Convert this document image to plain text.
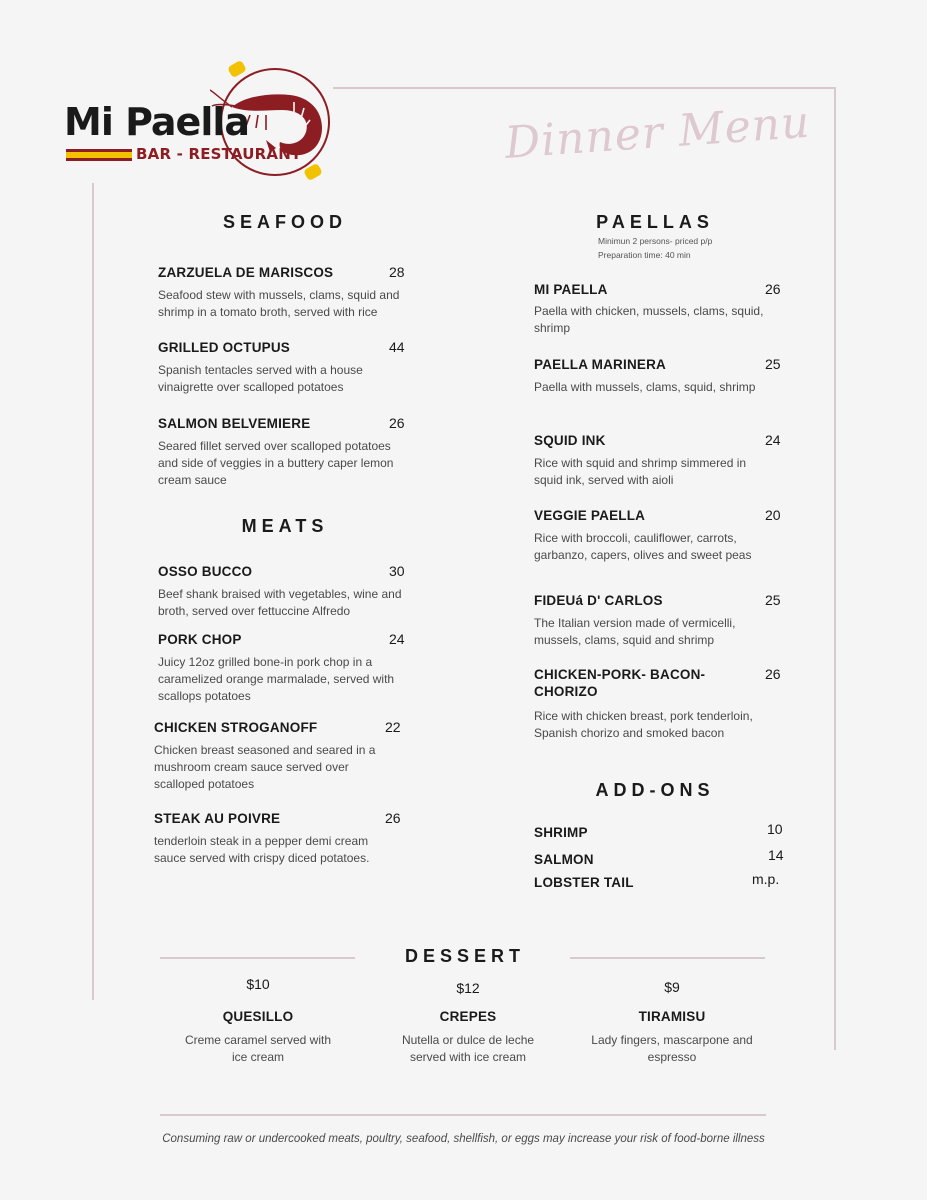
Mi Paella
BAR - RESTAURANT	Dinner Menu
SEAFOOD
ZARZUELA DE MARISCOS	28
Seafood stew with mussels, clams, squid and
shrimp in a tomato broth, served with rice
GRILLED OCTUPUS	44
Spanish tentacles served with a house
vinaigrette over scalloped potatoes
SALMON BELVEMIERE	26
Seared fillet served over scalloped potatoes
and side of veggies in a buttery caper lemon
cream sauce
MEATS
OSSO BUCCO	30
Beef shank braised with vegetables, wine and
broth, served over fettuccine Alfredo
PORK CHOP	24
Juicy 12oz grilled bone-in pork chop in a
caramelized orange marmalade, served with
scallops potatoes
CHICKEN STROGANOFF	22
Chicken breast seasoned and seared in a
mushroom cream sauce served over
scalloped potatoes
STEAK AU POIVRE	26
tenderloin steak in a pepper demi cream
sauce served with crispy diced potatoes.
PAELLAS
Minimun 2 persons- priced p/p
Preparation time: 40 min
MI PAELLA	26
Paella with chicken, mussels, clams, squid,
shrimp
PAELLA MARINERA	25
Paella with mussels, clams, squid, shrimp
SQUID INK	24
Rice with squid and shrimp simmered in
squid ink, served with aioli
VEGGIE PAELLA	20
Rice with broccoli, cauliflower, carrots,
garbanzo, capers, olives and sweet peas
FIDEUá D' CARLOS	25
The Italian version made of vermicelli,
mussels, clams, squid and shrimp
CHICKEN-PORK- BACON-
CHORIZO
26
Rice with chicken breast, pork tenderloin,
Spanish chorizo and smoked bacon
ADD-ONS
SHRIMP	10
SALMON	14
LOBSTER TAIL	m.p.
DESSERT
$10
QUESILLO
Creme caramel served with
ice cream
$12
CREPES
Nutella or dulce de leche
served with ice cream
$9
TIRAMISU
Lady fingers, mascarpone and
espresso
Consuming raw or undercooked meats, poultry, seafood, shellfish, or eggs may increase your risk of food-borne illness
